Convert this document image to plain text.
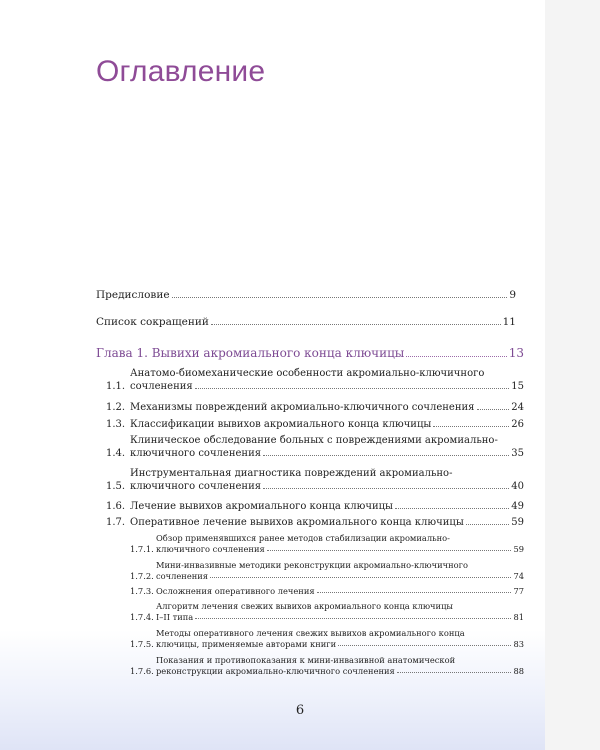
Оглавление
Предисловие	9
Список сокращений	11
Глава 1. Вывихи акромиального конца ключицы	13
1.1.
Анатомо-биомеханические особенности акромиально-ключичного
сочленения	15
1.2. Механизмы повреждений акромиально-ключичного сочленения	24
1.3. Классификации вывихов акромиального конца ключицы	26
1.4.
Клиническое обследование больных с повреждениями акромиально-
ключичного сочленения	35
1.5.
Инструментальная диагностика повреждений акромиально-
ключичного сочленения	40
1.6. Лечение вывихов акромиального конца ключицы	49
1.7. Оперативное лечение вывихов акромиального конца ключицы	59
1.7.1.
Обзор применявшихся ранее методов стабилизации акромиально-
ключичного сочленения	59
1.7.2.
Мини-инвазивные методики реконструкции акромиально-ключичного
сочленения	74
1.7.3. Осложнения оперативного лечения	77
1.7.4.
Алгоритм лечения свежих вывихов акромиального конца ключицы
I–II типа	81
1.7.5.
Методы оперативного лечения свежих вывихов акромиального конца
ключицы, применяемые авторами книги	83
1.7.6.
Показания и противопоказания к мини-инвазивной анатомической
реконструкции акромиально-ключичного сочленения	88
6
